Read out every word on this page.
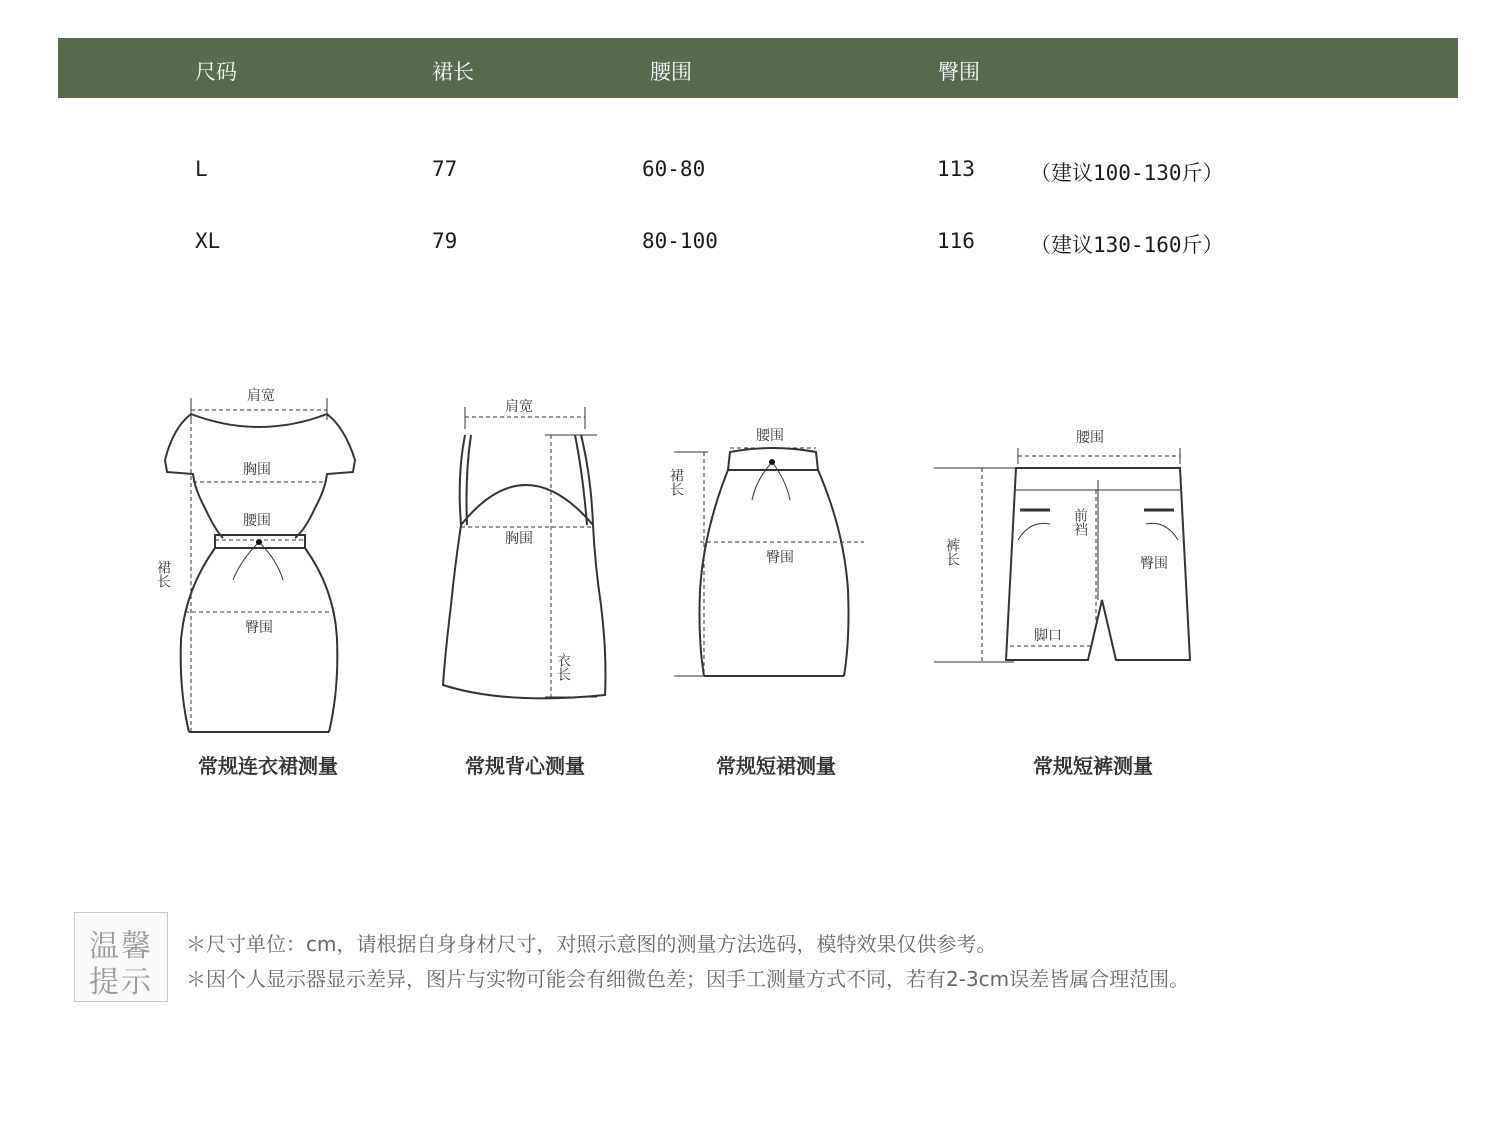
尺码	裙长	腰围	臀围
L	77	60-80	113	（建议100-130斤）
XL	79	80-100	116	（建议130-160斤）
肩宽
胸围
腰围
臀围
裙长
常规连衣裙测量
肩宽
胸围
衣长
常规背心测量
腰围
臀围
裙长
常规短裙测量
腰围
前裆
臀围
脚口
裤长
常规短裤测量
温馨
提示
＊尺寸单位：cm，请根据自身身材尺寸，对照示意图的测量方法选码，模特效果仅供参考。
＊因个人显示器显示差异，图片与实物可能会有细微色差；因手工测量方式不同，若有2-3cm误差皆属合理范围。
